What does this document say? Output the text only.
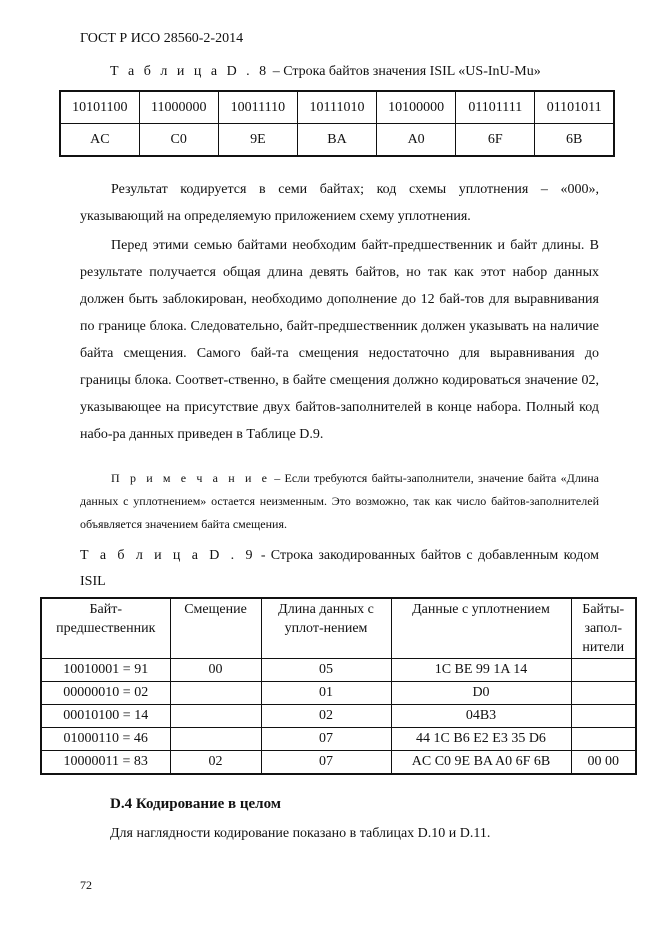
ГОСТ Р ИСО 28560-2-2014
Т а б л и ц а D . 8 – Строка байтов значения ISIL «US-InU-Mu»
10101100	11000000	10011110	10111010	10100000	01101111	01101011
AC	C0	9E	BA	A0	6F	6B

Результат кодируется в семи байтах; код схемы уплотнения – «000», указывающий на определяемую приложением схему уплотнения.

Перед этими семью байтами необходим байт-предшественник и байт длины. В результате получается общая длина девять байтов, но так как этот набор данных должен быть заблокирован, необходимо дополнение до 12 бай-тов для выравнивания по границе блока. Следовательно, байт-предшественник должен указывать на наличие байта смещения. Самого бай-та смещения недостаточно для выравнивания до границы блока. Соответ-ственно, в байте смещения должно кодироваться значение 02, указывающее на присутствие двух байтов-заполнителей в конце набора. Полный код набо-ра данных приведен в Таблице D.9.

П р и м е ч а н и е – Если требуются байты-заполнители, значение байта «Длина данных с уплотнением» остается неизменным. Это возможно, так как число байтов-заполнителей объявляется значением байта смещения.

Т а б л и ц а D . 9 - Строка закодированных байтов с добавленным кодом ISIL
Байт-предшественник	Смещение	Длина данных с уплот-нением	Данные с уплотнением	Байты-запол-нители
10010001 = 91	00	05	1C BE 99 1A 14	
00000010 = 02		01	D0	
00010100 = 14		02	04B3	
01000110 = 46		07	44 1C B6 E2 E3 35 D6	
10000011 = 83	02	07	AC C0 9E BA A0 6F 6B	00 00
D.4 Кодирование в целом
Для наглядности кодирование показано в таблицах D.10 и D.11.
72
